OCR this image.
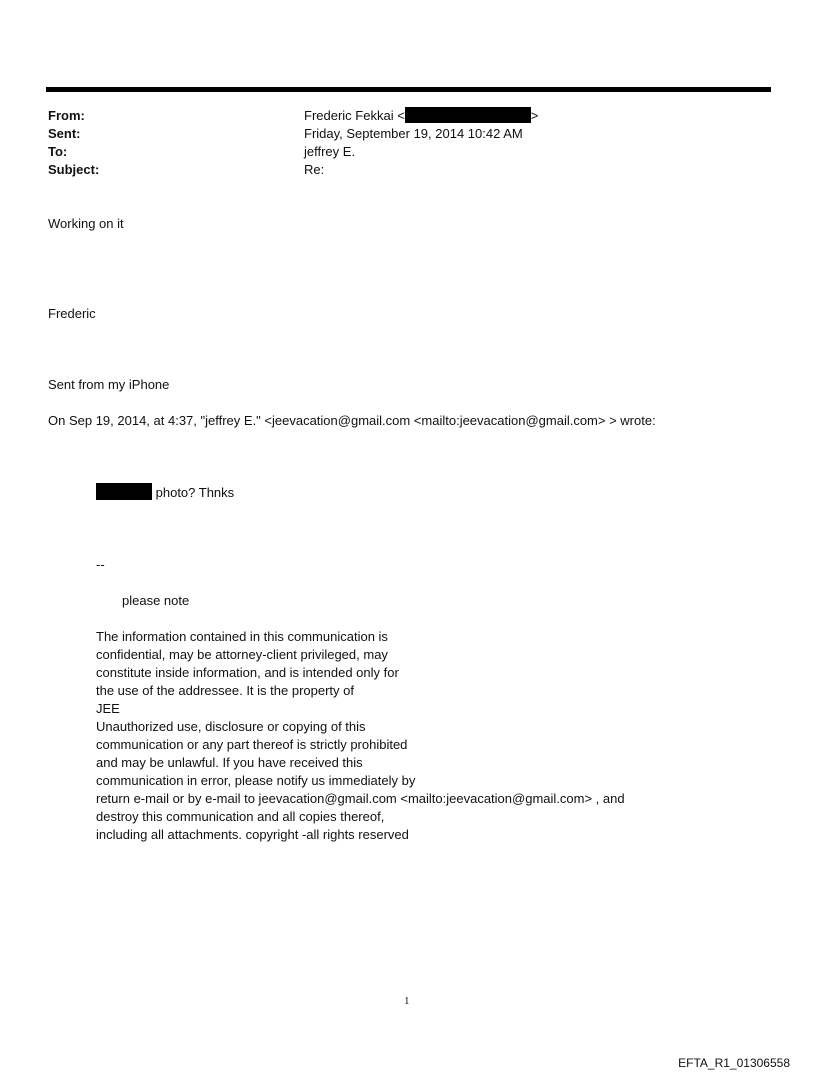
From:	Frederic Fekkai <	>
Sent:	Friday, September 19, 2014 10:42 AM
To:	jeffrey E.
Subject:	Re:
Working on it
Frederic
Sent from my iPhone
On Sep 19, 2014, at 4:37, "jeffrey E." <jeevacation@gmail.com <mailto:jeevacation@gmail.com> > wrote:
photo? Thnks
--
please note
The information contained in this communication is
confidential, may be attorney-client privileged, may
constitute inside information, and is intended only for
the use of the addressee. It is the property of
JEE
Unauthorized use, disclosure or copying of this
communication or any part thereof is strictly prohibited
and may be unlawful. If you have received this
communication in error, please notify us immediately by
return e-mail or by e-mail to jeevacation@gmail.com <mailto:jeevacation@gmail.com> , and
destroy this communication and all copies thereof,
including all attachments. copyright -all rights reserved
1
EFTA_R1_01306558
